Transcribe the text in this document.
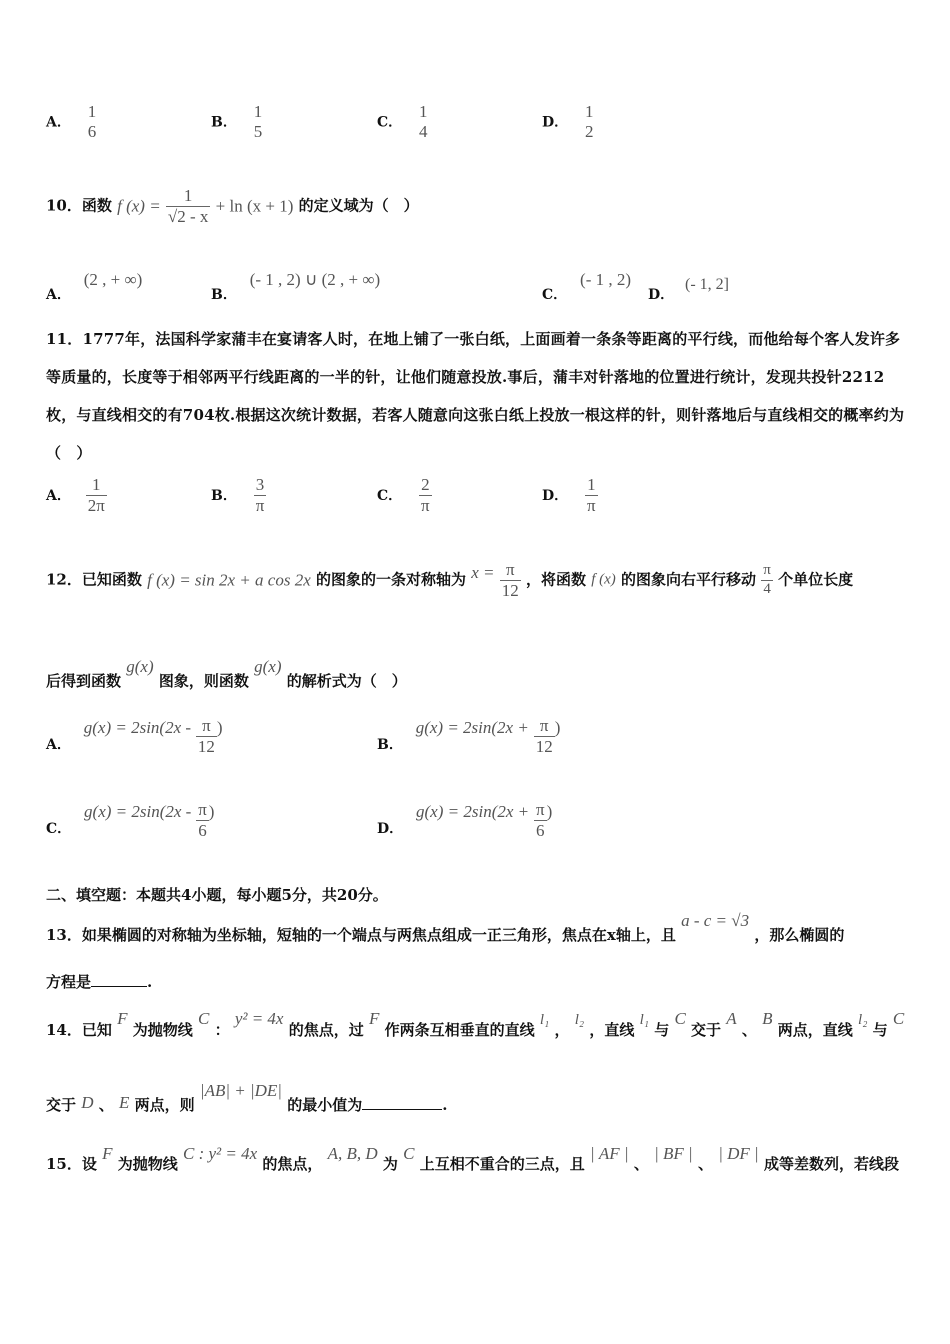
A．
1
6	B．
1
5	C．
1
4	D．
1
2
10．函数 f $(x) = \frac{1}{√2 - x} + \ln (x + 1)$ 的定义域为（　）
A． (2 , + ∞)
B． (- 1 , 2) ∪ (2 , + ∞)
C． (- 1 , 2)
D． (- 1, 2]
11．1777年，法国科学家蒲丰在宴请客人时，在地上铺了一张白纸，上面画着一条条等距离的平行线，而他给每个客人发许多等质量的，长度等于相邻两平行线距离的一半的针，让他们随意投放.事后，蒲丰对针落地的位置进行统计，发现共投针2212枚，与直线相交的有704枚.根据这次统计数据，若客人随意向这张白纸上投放一根这样的针，则针落地后与直线相交的概率约为（　）
A． $\frac{1}{2\pi}$	B． $\frac{3}{\pi}$	C． $\frac{2}{\pi}$	D． $\frac{1}{\pi}$
12．已知函数 f (x) = sin 2x + a cos 2x 的图象的一条对称轴为 $x = \frac{\pi}{12}$ ，将函数 f (x) 的图象向右平行移动 $\frac{\pi}{4}$ 个单位长度
后得到函数 g(x) 图象，则函数 g(x) 的解析式为（　）
A． $g(x) = 2\sin(2x - \frac{\pi}{12}$ )
B． $g(x) = 2\sin(2x + \frac{\pi}{12}$ )
C． $g(x) = 2\sin(2x - \frac{\pi}{6}$ )
D． $g(x) = 2\sin(2x + \frac{\pi}{6}$ )
二、填空题：本题共4小题，每小题5分，共20分。
13．如果椭圆的对称轴为坐标轴，短轴的一个端点与两焦点组成一正三角形，焦点在x轴上，且 a - c = √3 ，那么椭圆的
方程是	.
14．已知 F 为抛物线 C ： y² = 4x 的焦点，过 F 作两条互相垂直的直线 l₁ ， l₂ ，直线 l₁ 与 C 交于 A 、 B 两点，直线 l₂ 与 C
交于 D 、 E 两点，则 |AB| + |DE| 的最小值为	.
15．设 F 为抛物线 C : y² = 4x 的焦点， A, B, D 为 C 上互相不重合的三点，且 | AF | 、 | BF | 、 | DF | 成等差数列，若线段
